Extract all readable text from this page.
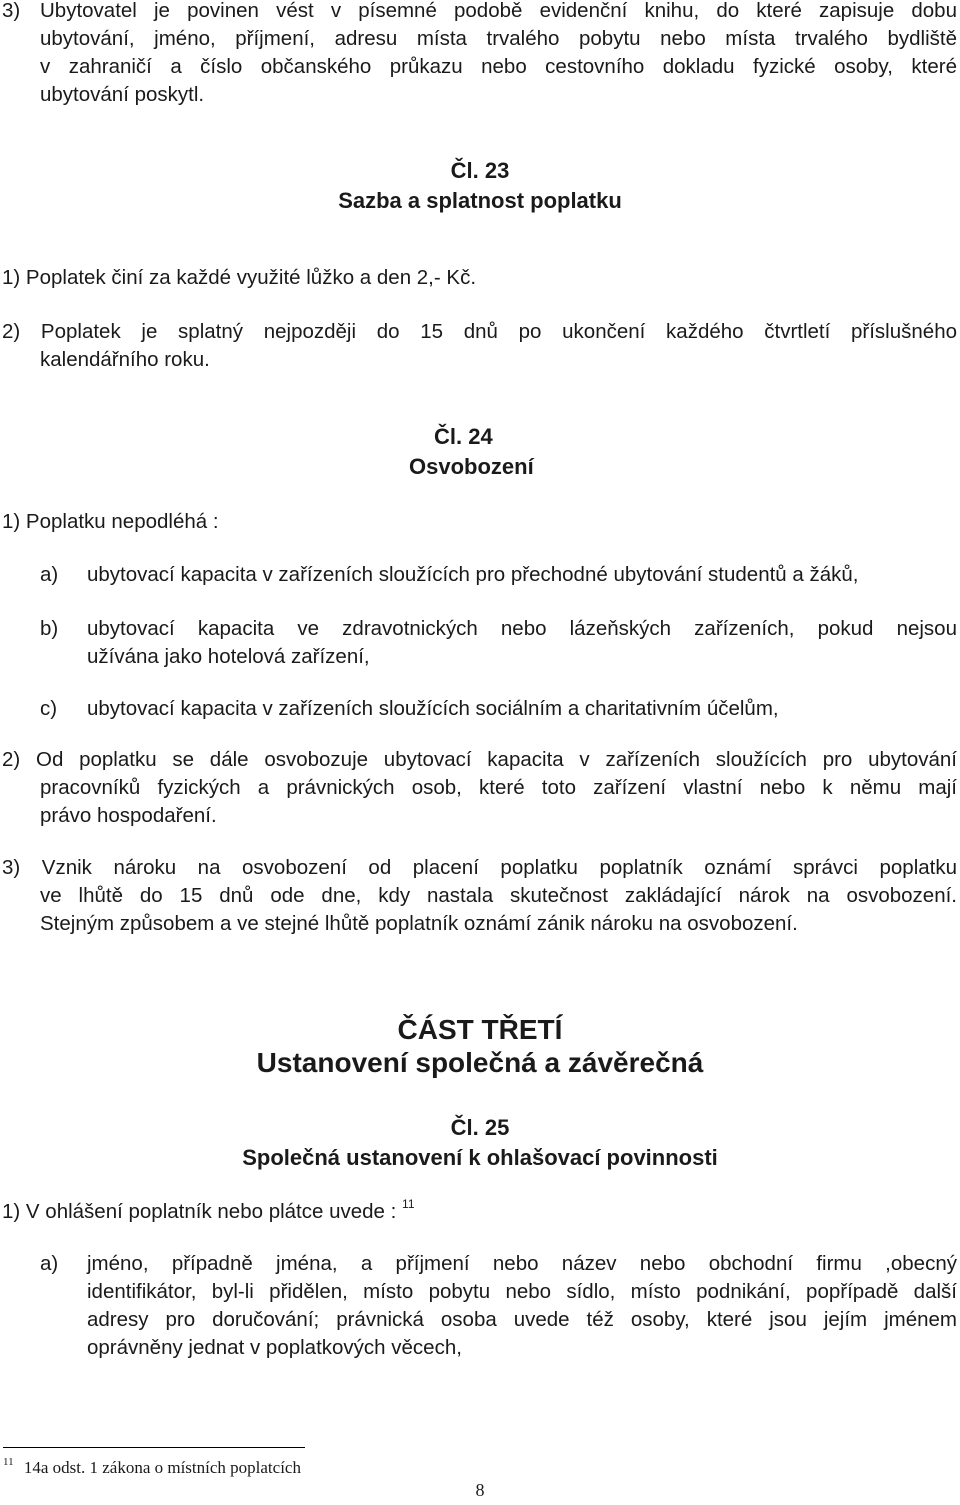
3) Ubytovatel je povinen vést v písemné podobě evidenční knihu, do které zapisuje dobu
ubytování, jméno, příjmení, adresu místa trvalého pobytu nebo místa trvalého bydliště
v zahraničí a číslo občanského průkazu nebo cestovního dokladu fyzické osoby, které
ubytování poskytl.
Čl. 23
Sazba a splatnost poplatku
1) Poplatek činí za každé využité lůžko a den 2,- Kč.
2) Poplatek je splatný nejpozději do 15 dnů po ukončení každého čtvrtletí příslušného
kalendářního roku.
Čl. 24
Osvobození
1) Poplatku nepodléhá :
a) ubytovací kapacita v zařízeních sloužících pro přechodné ubytování studentů a žáků,
b) ubytovací kapacita ve zdravotnických nebo lázeňských zařízeních, pokud nejsou
užívána jako hotelová zařízení,
c) ubytovací kapacita v zařízeních sloužících sociálním a charitativním účelům,
2) Od poplatku se dále osvobozuje ubytovací kapacita v zařízeních sloužících pro ubytování
pracovníků fyzických a právnických osob, které toto zařízení vlastní nebo k němu mají
právo hospodaření.
3) Vznik nároku na osvobození od placení poplatku poplatník oznámí správci poplatku
ve lhůtě do 15 dnů ode dne, kdy nastala skutečnost zakládající nárok na osvobození.
Stejným způsobem a ve stejné lhůtě poplatník oznámí zánik nároku na osvobození.
ČÁST TŘETÍ
Ustanovení společná a závěrečná
Čl. 25
Společná ustanovení k ohlašovací povinnosti
1) V ohlášení poplatník nebo plátce uvede : $^{11}$
a) jméno, případně jména, a příjmení nebo název nebo obchodní firmu ,obecný
identifikátor, byl-li přidělen, místo pobytu nebo sídlo, místo podnikání, popřípadě další
adresy pro doručování; právnická osoba uvede též osoby, které jsou jejím jménem
oprávněny jednat v poplatkových věcech,
$^{11}$ 14a odst. 1 zákona o místních poplatcích
8
